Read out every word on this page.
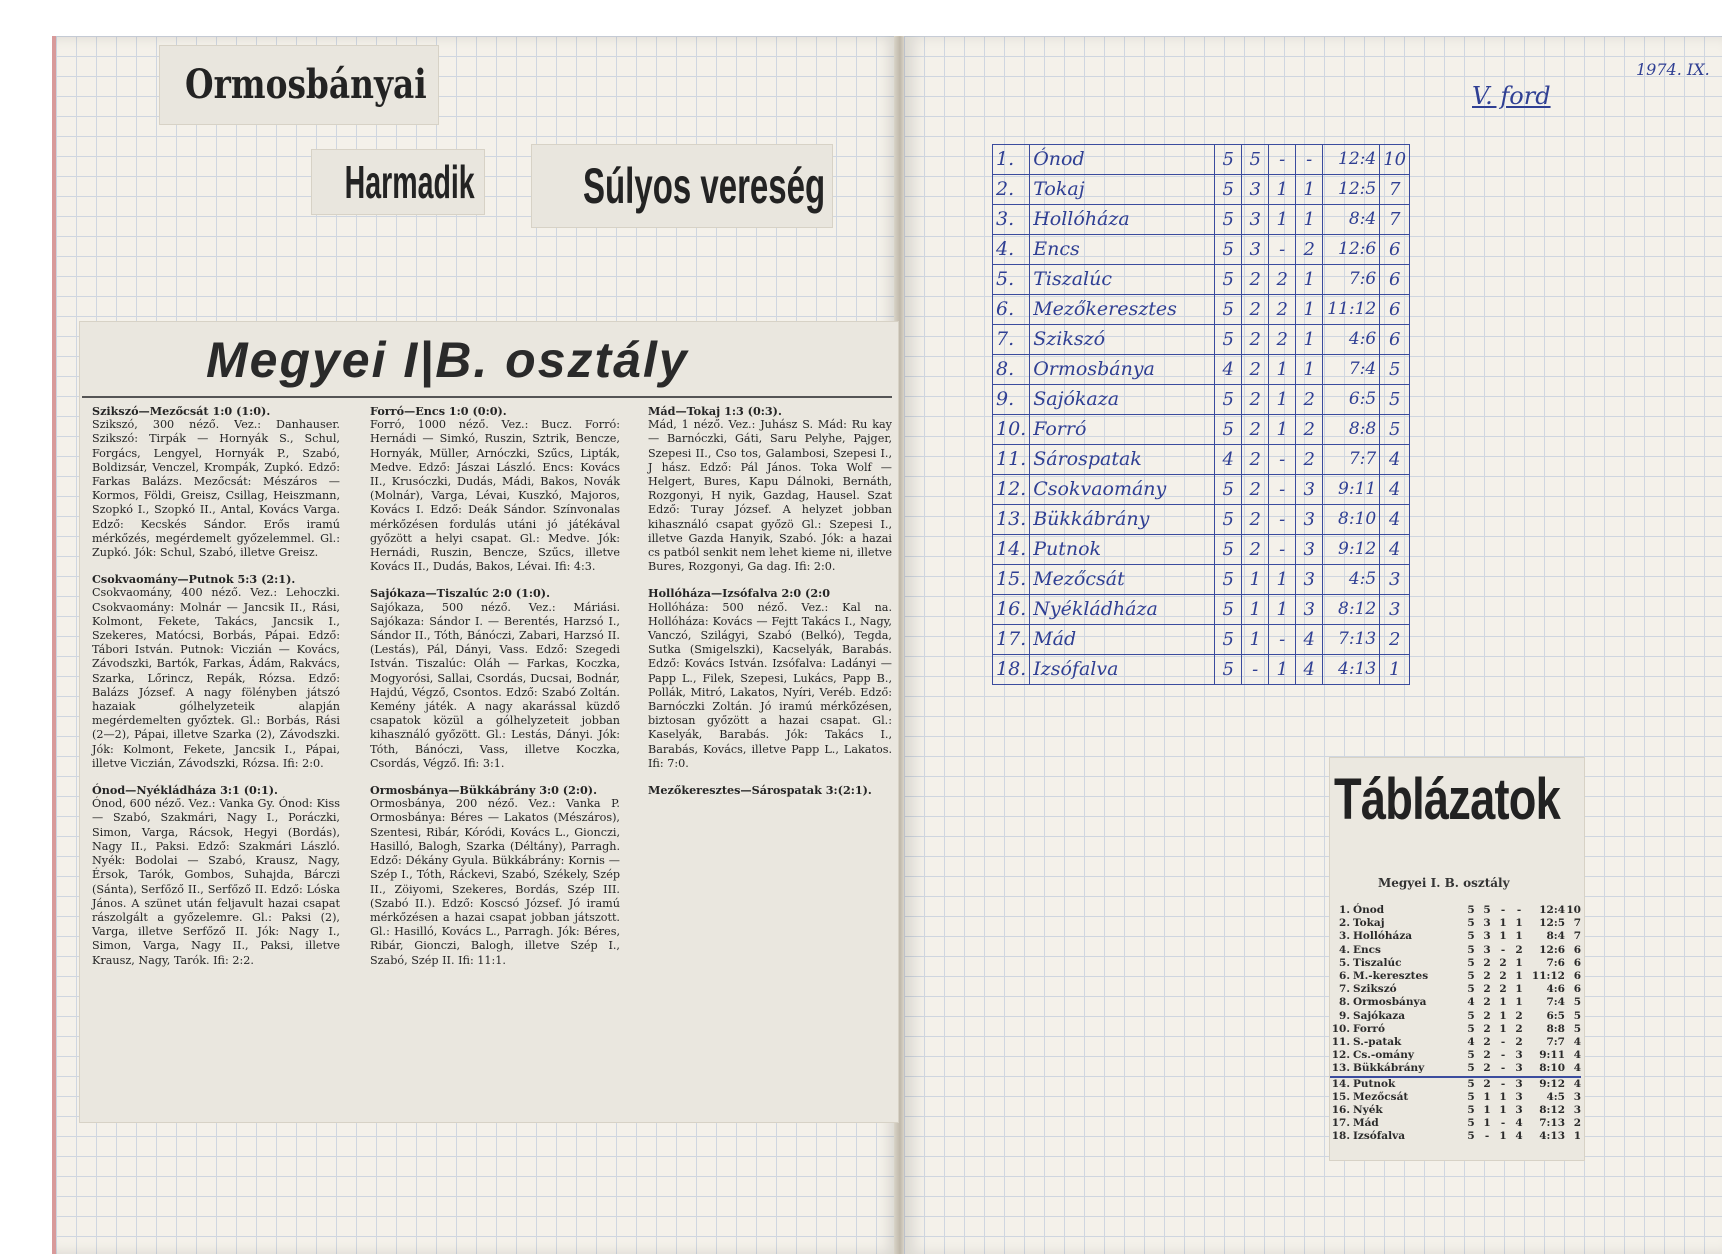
Ormosbányai
Harmadik Súlyos vereség
Megyei I|B. osztály

Szikszó—Mezőcsát 1:0 (1:0).
Szikszó, 300 néző. Vez.: Danhauser. Szikszó: Tirpák — Hornyák S., Schul, Forgács, Lengyel, Hornyák P., Szabó, Boldizsár, Venczel, Krompák, Zupkó. Edző: Farkas Balázs. Mezőcsát: Mészáros — Kormos, Földi, Greisz, Csillag, Heiszmann, Szopkó I., Szopkó II., Antal, Kovács Varga. Edző: Kecskés Sándor. Erős iramú mérkőzés, megérdemelt győzelemmel. Gl.: Zupkó. Jók: Schul, Szabó, illetve Greisz.

Csokvaomány—Putnok 5:3 (2:1).
Csokvaomány, 400 néző. Vez.: Lehoczki. Csokvaomány: Molnár — Jancsik II., Rási, Kolmont, Fekete, Takács, Jancsik I., Szekeres, Matócsi, Borbás, Pápai. Edző: Tábori István. Putnok: Viczián — Kovács, Závodszki, Bartók, Farkas, Ádám, Rakvács, Szarka, Lőrincz, Repák, Rózsa. Edző: Balázs József. A nagy fölényben játszó hazaiak gólhelyzeteik alapján megérdemelten győztek. Gl.: Borbás, Rási (2—2), Pápai, illetve Szarka (2), Závodszki. Jók: Kolmont, Fekete, Jancsik I., Pápai, illetve Viczián, Závodszki, Rózsa. Ifi: 2:0.

Ónod—Nyékládháza 3:1 (0:1).
Ónod, 600 néző. Vez.: Vanka Gy. Ónod: Kiss — Szabó, Szakmári, Nagy I., Poráczki, Simon, Varga, Rácsok, Hegyi (Bordás), Nagy II., Paksi. Edző: Szakmári László. Nyék: Bodolai — Szabó, Krausz, Nagy, Érsok, Tarók, Gombos, Suhajda, Bárczi (Sánta), Serfőző II., Serfőző II. Edző: Lóska János. A szünet után feljavult hazai csapat rászolgált a győzelemre. Gl.: Paksi (2), Varga, illetve Serfőző II. Jók: Nagy I., Simon, Varga, Nagy II., Paksi, illetve Krausz, Nagy, Tarók. Ifi: 2:2.

Forró—Encs 1:0 (0:0).
Forró, 1000 néző. Vez.: Bucz. Forró: Hernádi — Simkó, Ruszin, Sztrik, Bencze, Hornyák, Müller, Arnóczki, Szűcs, Lipták, Medve. Edző: Jászai László. Encs: Kovács II., Krusóczki, Dudás, Mádi, Bakos, Novák (Molnár), Varga, Lévai, Kuszkó, Majoros, Kovács I. Edző: Deák Sándor. Színvonalas mérkőzésen fordulás utáni jó játékával győzött a helyi csapat. Gl.: Medve. Jók: Hernádi, Ruszin, Bencze, Szűcs, illetve Kovács II., Dudás, Bakos, Lévai. Ifi: 4:3.

Sajókaza—Tiszalúc 2:0 (1:0).
Sajókaza, 500 néző. Vez.: Máriási. Sajókaza: Sándor I. — Berentés, Harzsó I., Sándor II., Tóth, Bánóczi, Zabari, Harzsó II. (Lestás), Pál, Dányi, Vass. Edző: Szegedi István. Tiszalúc: Oláh — Farkas, Koczka, Mogyorósi, Sallai, Csordás, Ducsai, Bodnár, Hajdú, Végző, Csontos. Edző: Szabó Zoltán. Kemény játék. A nagy akarással küzdő csapatok közül a gólhelyzeteit jobban kihasználó győzött. Gl.: Lestás, Dányi. Jók: Tóth, Bánóczi, Vass, illetve Koczka, Csordás, Végző. Ifi: 3:1.

Ormosbánya—Bükkábrány 3:0 (2:0).
Ormosbánya, 200 néző. Vez.: Vanka P. Ormosbánya: Béres — Lakatos (Mészáros), Szentesi, Ribár, Kóródi, Kovács L., Gionczi, Hasilló, Balogh, Szarka (Déltány), Parragh. Edző: Dékány Gyula. Bükkábrány: Kornis — Szép I., Tóth, Ráckevi, Szabó, Székely, Szép II., Zöiyomi, Szekeres, Bordás, Szép III. (Szabó II.). Edző: Koscsó József. Jó iramú mérkőzésen a hazai csapat jobban játszott. Gl.: Hasilló, Kovács L., Parragh. Jók: Béres, Ribár, Gionczi, Balogh, illetve Szép I., Szabó, Szép II. Ifi: 11:1.

Mád—Tokaj 1:3 (0:3).
Mád, 1 néző. Vez.: Juhász S. Mád: Ru kay — Barnóczki, Gáti, Saru Pelyhe, Pajger, Szepesi II., Cso tos, Galambosi, Szepesi I., J hász. Edző: Pál János. Toka Wolf — Helgert, Bures, Kapu Dálnoki, Bernáth, Rozgonyi, H nyik, Gazdag, Hausel. Szat Edző: Turay József. A helyzet jobban kihasználó csapat győzö Gl.: Szepesi I., illetve Gazda Hanyik, Szabó. Jók: a hazai cs patból senkit nem lehet kieme ni, illetve Bures, Rozgonyi, Ga dag. Ifi: 2:0.

Hollóháza—Izsófalva 2:0 (2:0
Hollóháza: 500 néző. Vez.: Kal na. Hollóháza: Kovács — Fejtt Takács I., Nagy, Vanczó, Szilágyi, Szabó (Belkó), Tegda, Sutka (Smigelszki), Kacselyák, Barabás. Edző: Kovács István. Izsófalva: Ladányi — Papp L., Filek, Szepesi, Lukács, Papp B., Pollák, Mitró, Lakatos, Nyíri, Veréb. Edző: Barnóczki Zoltán. Jó iramú mérkőzésen, biztosan győzött a hazai csapat. Gl.: Kaselyák, Barabás. Jók: Takács I., Barabás, Kovács, illetve Papp L., Lakatos. Ifi: 7:0.

Mezőkeresztes—Sárospatak 3:(2:1).

1974. IX.
V. ford
1.	Ónod	5	5	-	-	12:4	10
2.	Tokaj	5	3	1	1	12:5	7
3.	Hollóháza	5	3	1	1	8:4	7
4.	Encs	5	3	-	2	12:6	6
5.	Tiszalúc	5	2	2	1	7:6	6
6.	Mezőkeresztes	5	2	2	1	11:12	6
7.	Szikszó	5	2	2	1	4:6	6
8.	Ormosbánya	4	2	1	1	7:4	5
9.	Sajókaza	5	2	1	2	6:5	5
10.	Forró	5	2	1	2	8:8	5
11.	Sárospatak	4	2	-	2	7:7	4
12.	Csokvaomány	5	2	-	3	9:11	4
13.	Bükkábrány	5	2	-	3	8:10	4
14.	Putnok	5	2	-	3	9:12	4
15.	Mezőcsát	5	1	1	3	4:5	3
16.	Nyékládháza	5	1	1	3	8:12	3
17.	Mád	5	1	-	4	7:13	2
18.	Izsófalva	5	-	1	4	4:13	1
Táblázatok
Megyei I. B. osztály
1.	Ónod	5	5	-	-	12:4	10
2.	Tokaj	5	3	1	1	12:5	7
3.	Hollóháza	5	3	1	1	8:4	7
4.	Encs	5	3	-	2	12:6	6
5.	Tiszalúc	5	2	2	1	7:6	6
6.	M.-keresztes	5	2	2	1	11:12	6
7.	Szikszó	5	2	2	1	4:6	6
8.	Ormosbánya	4	2	1	1	7:4	5
9.	Sajókaza	5	2	1	2	6:5	5
10.	Forró	5	2	1	2	8:8	5
11.	S.-patak	4	2	-	2	7:7	4
12.	Cs.-omány	5	2	-	3	9:11	4
13.	Bükkábrány	5	2	-	3	8:10	4
14.	Putnok	5	2	-	3	9:12	4
15.	Mezőcsát	5	1	1	3	4:5	3
16.	Nyék	5	1	1	3	8:12	3
17.	Mád	5	1	-	4	7:13	2
18.	Izsófalva	5	-	1	4	4:13	1
